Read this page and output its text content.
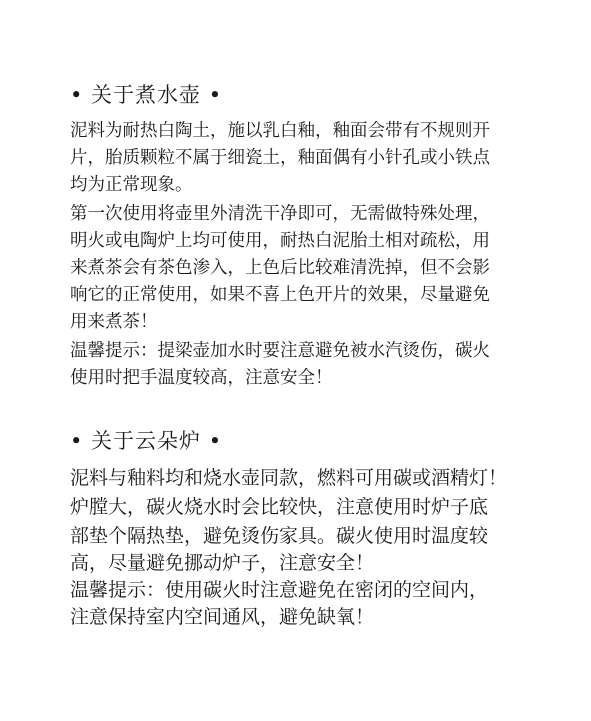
• 关于煮水壶 •
泥料为耐热白陶土，施以乳白釉，釉面会带有不规则开
片，胎质颗粒不属于细瓷土，釉面偶有小针孔或小铁点
均为正常现象。
第一次使用将壶里外清洗干净即可，无需做特殊处理，
明火或电陶炉上均可使用，耐热白泥胎土相对疏松，用
来煮茶会有茶色渗入，上色后比较难清洗掉，但不会影
响它的正常使用，如果不喜上色开片的效果，尽量避免
用来煮茶！
温馨提示：提梁壶加水时要注意避免被水汽烫伤，碳火
使用时把手温度较高，注意安全！
• 关于云朵炉 •
泥料与釉料均和烧水壶同款，燃料可用碳或酒精灯！
炉膛大，碳火烧水时会比较快，注意使用时炉子底
部垫个隔热垫，避免烫伤家具。碳火使用时温度较
高，尽量避免挪动炉子，注意安全！
温馨提示：使用碳火时注意避免在密闭的空间内，
注意保持室内空间通风，避免缺氧！
